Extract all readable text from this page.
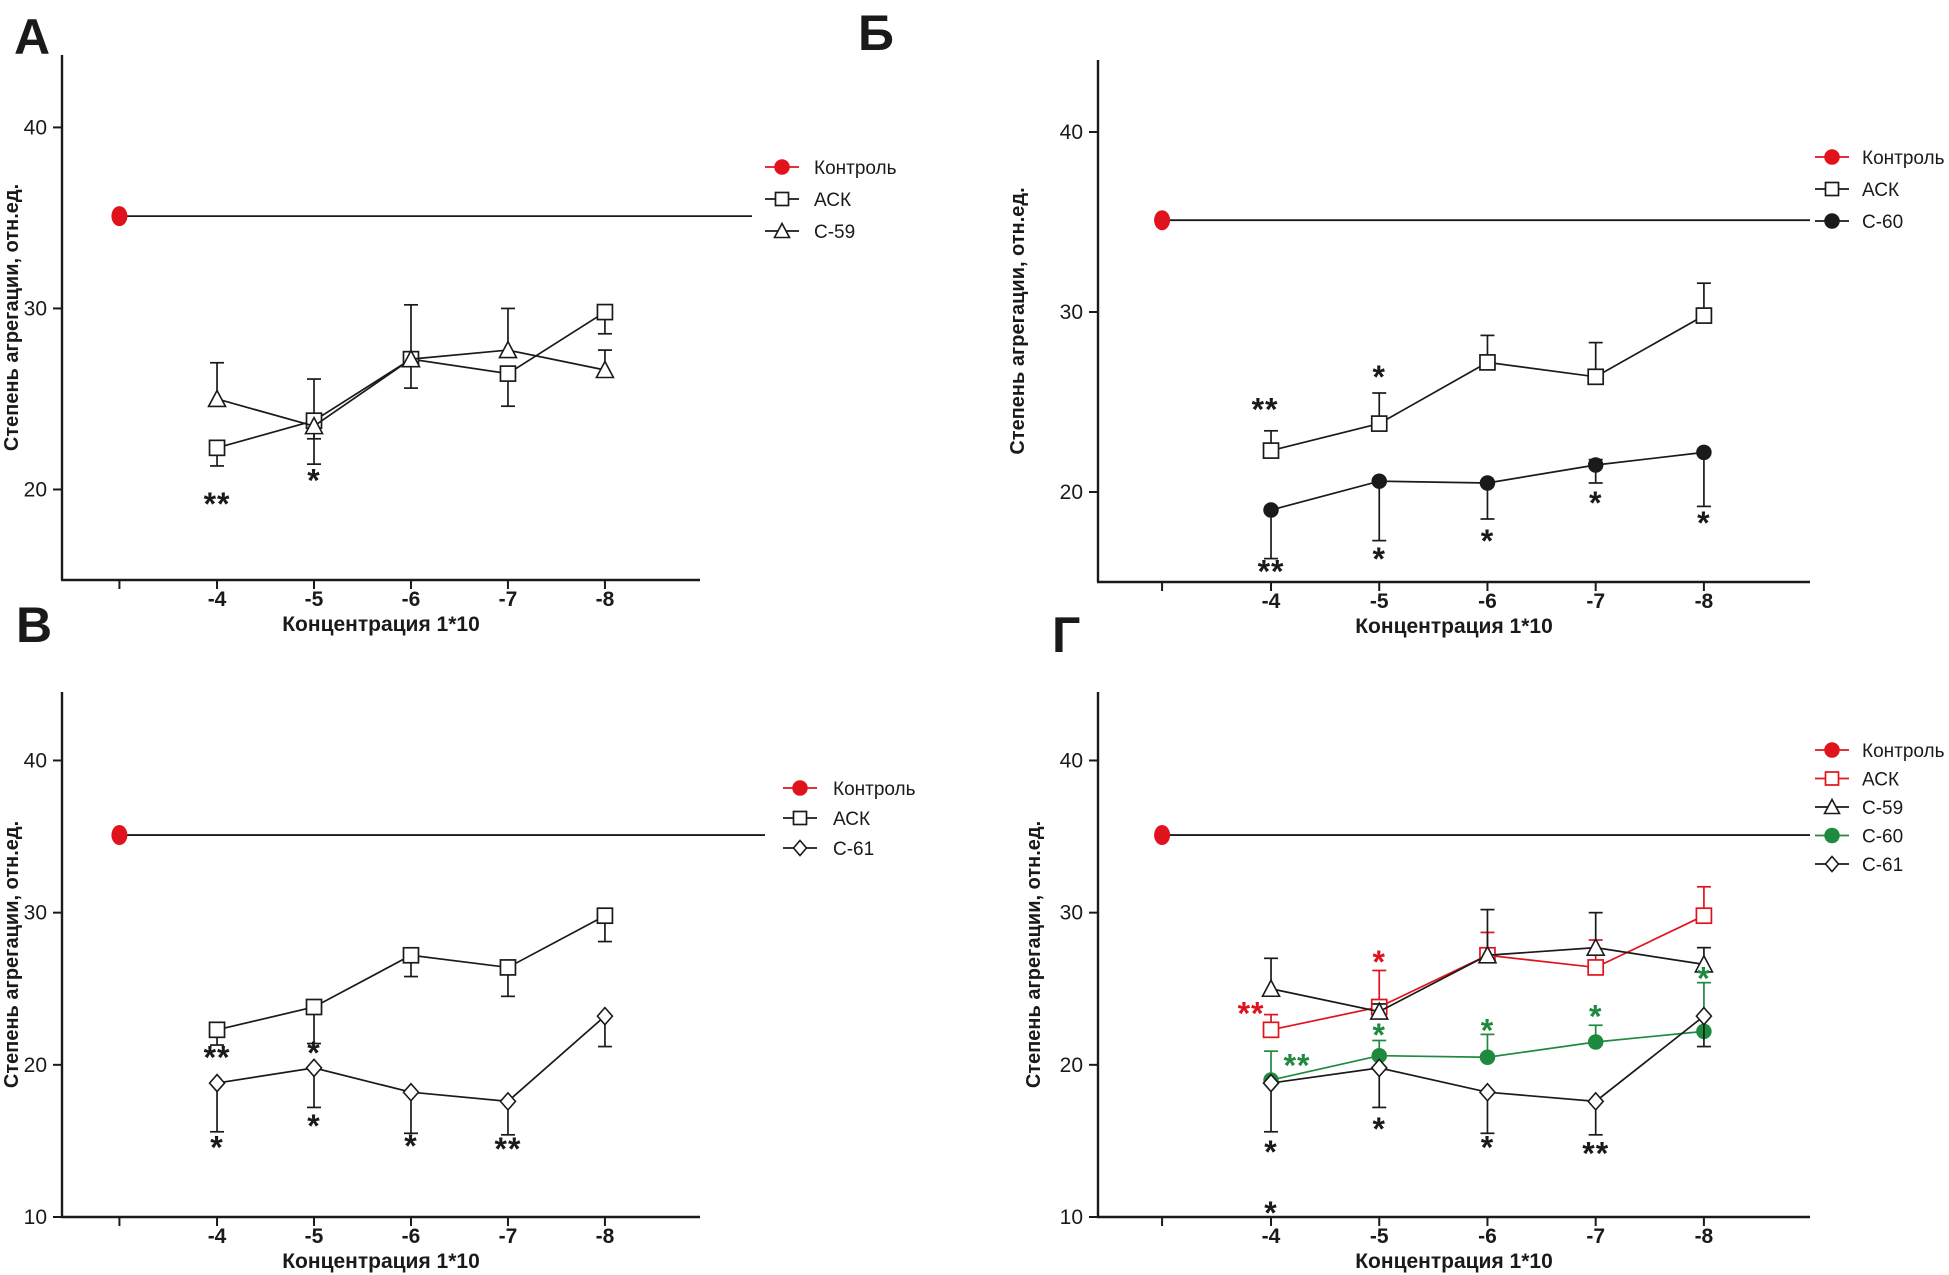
А
40
30
20
-4	-5	-6	-7	-8
Концентрация 1*10
Степень агрегации, отн.ед.
**
*
Контроль
АСК
С-59
Б
40
30
20
-4	-5	-6	-7	-8
Концентрация 1*10
Степень агрегации, отн.ед.	**
*
**	*	*
*
*
Контроль
АСК
С-60
В
40
30
20
10
-4	-5	-6	-7	-8
Концентрация 1*10
Степень агрегации, отн.ед.	** *
*
*
* **
Контроль
АСК
С-61
Г
40
30
20
10
-4	-5	-6	-7	-8
Концентрация 1*10
Степень агрегации, отн.ед.	**
*
**
*	*	*
*
*
*
*
*	**
Контроль
АСК
С-59
С-60
С-61
